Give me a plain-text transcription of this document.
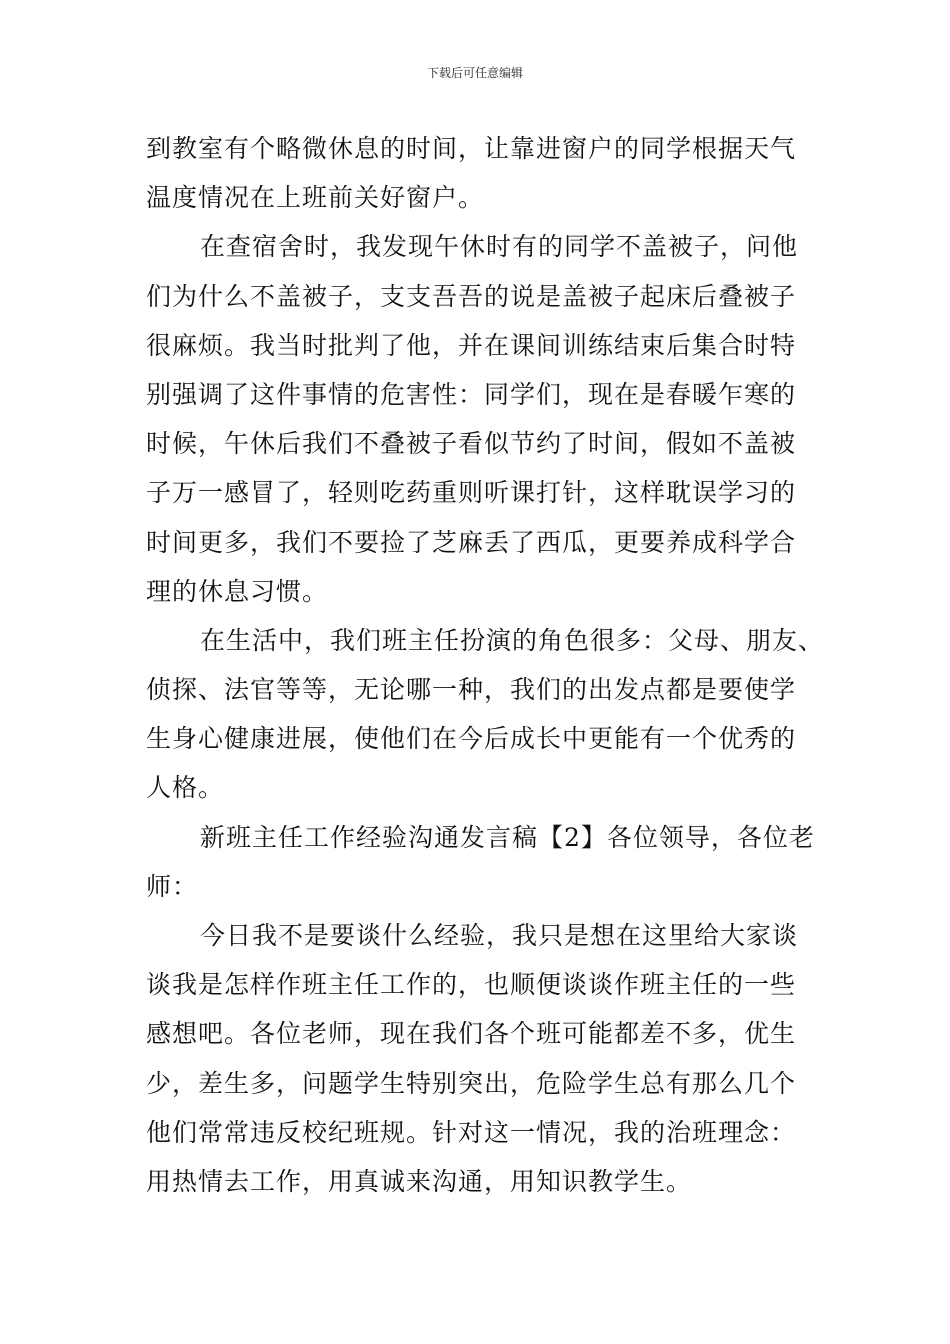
下载后可任意编辑
到教室有个略微休息的时间，让靠进窗户的同学根据天气
温度情况在上班前关好窗户。
在查宿舍时，我发现午休时有的同学不盖被子，问他
们为什么不盖被子，支支吾吾的说是盖被子起床后叠被子
很麻烦。我当时批判了他，并在课间训练结束后集合时特
别强调了这件事情的危害性：同学们，现在是春暖乍寒的
时候，午休后我们不叠被子看似节约了时间，假如不盖被
子万一感冒了，轻则吃药重则听课打针，这样耽误学习的
时间更多，我们不要捡了芝麻丢了西瓜，更要养成科学合
理的休息习惯。
在生活中，我们班主任扮演的角色很多：父母、朋友、
侦探、法官等等，无论哪一种，我们的出发点都是要使学
生身心健康进展，使他们在今后成长中更能有一个优秀的
人格。
新班主任工作经验沟通发言稿【2】各位领导，各位老
师：
今日我不是要谈什么经验，我只是想在这里给大家谈
谈我是怎样作班主任工作的，也顺便谈谈作班主任的一些
感想吧。各位老师，现在我们各个班可能都差不多，优生
少，差生多，问题学生特别突出，危险学生总有那么几个
他们常常违反校纪班规。针对这一情况，我的治班理念：
用热情去工作，用真诚来沟通，用知识教学生。
